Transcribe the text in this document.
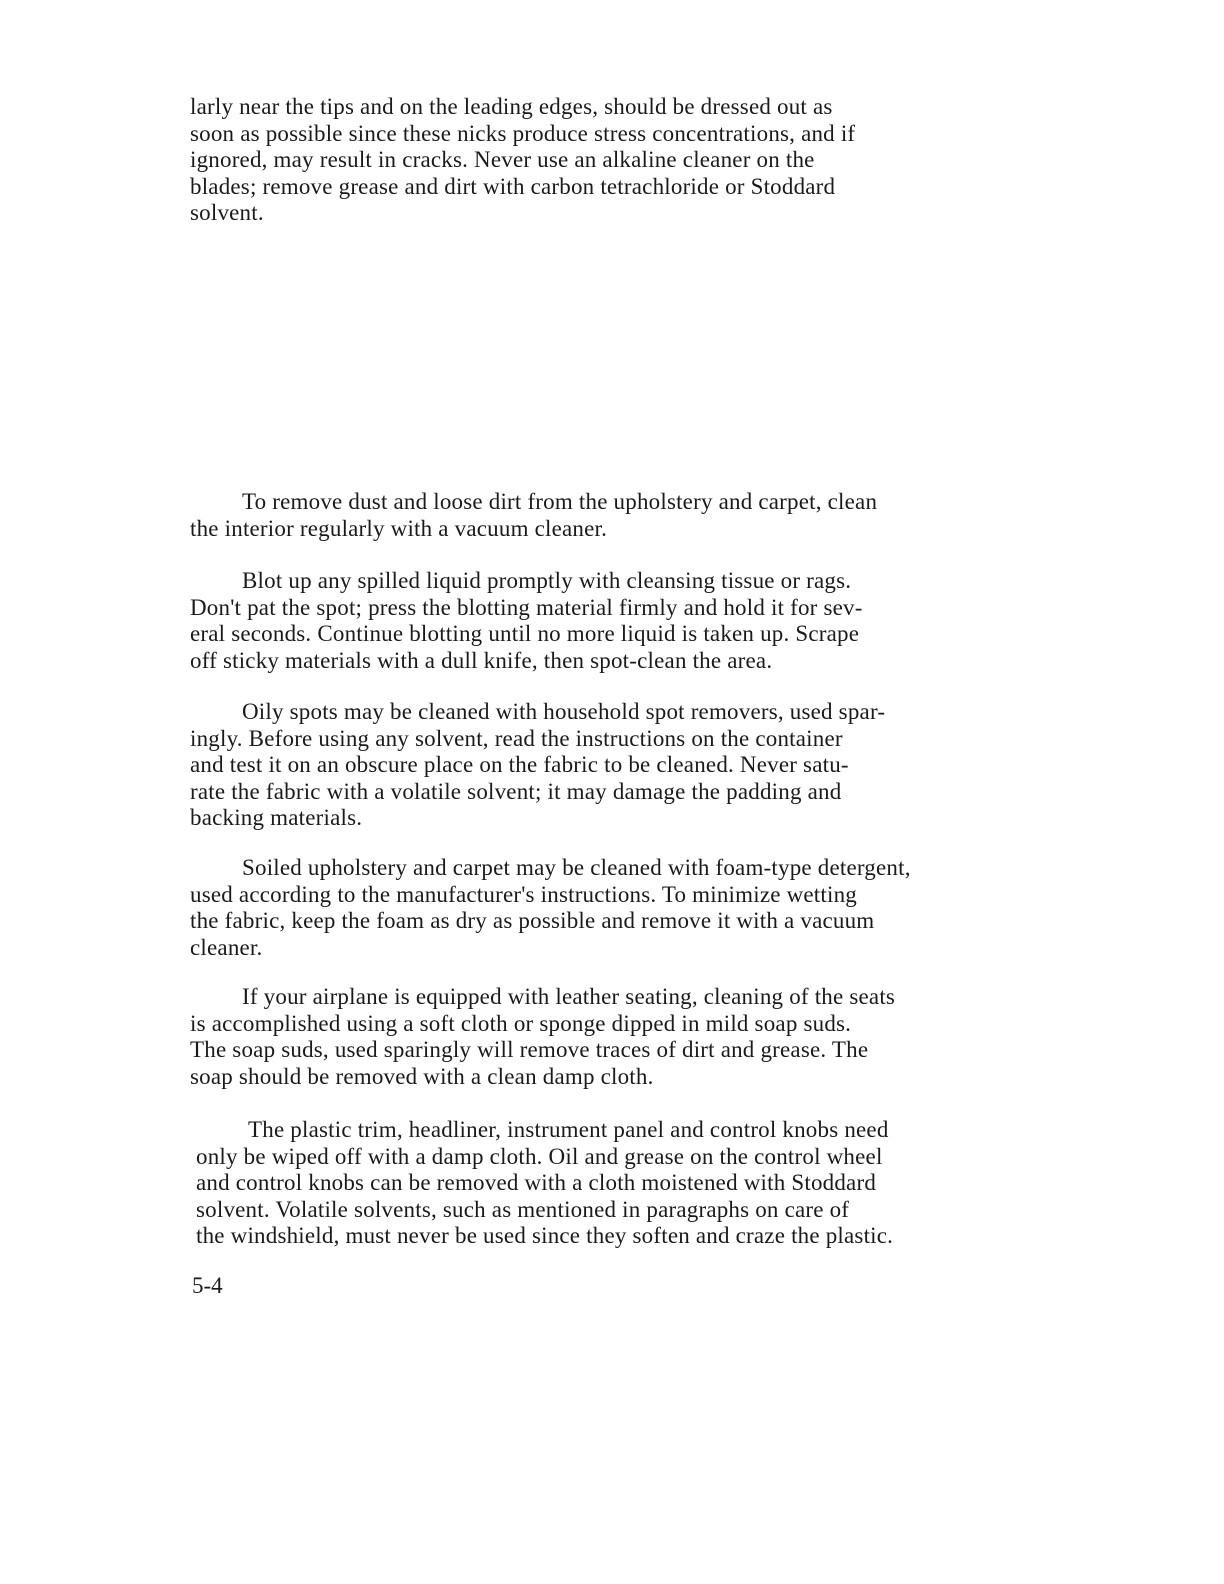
larly near the tips and on the leading edges, should be dressed out as
soon as possible since these nicks produce stress concentrations, and if
ignored, may result in cracks. Never use an alkaline cleaner on the
blades; remove grease and dirt with carbon tetrachloride or Stoddard
solvent.
To remove dust and loose dirt from the upholstery and carpet, clean
the interior regularly with a vacuum cleaner.
Blot up any spilled liquid promptly with cleansing tissue or rags.
Don't pat the spot; press the blotting material firmly and hold it for sev-
eral seconds. Continue blotting until no more liquid is taken up. Scrape
off sticky materials with a dull knife, then spot-clean the area.
Oily spots may be cleaned with household spot removers, used spar-
ingly. Before using any solvent, read the instructions on the container
and test it on an obscure place on the fabric to be cleaned. Never satu-
rate the fabric with a volatile solvent; it may damage the padding and
backing materials.
Soiled upholstery and carpet may be cleaned with foam-type detergent,
used according to the manufacturer's instructions. To minimize wetting
the fabric, keep the foam as dry as possible and remove it with a vacuum
cleaner.
If your airplane is equipped with leather seating, cleaning of the seats
is accomplished using a soft cloth or sponge dipped in mild soap suds.
The soap suds, used sparingly will remove traces of dirt and grease. The
soap should be removed with a clean damp cloth.
The plastic trim, headliner, instrument panel and control knobs need
only be wiped off with a damp cloth. Oil and grease on the control wheel
and control knobs can be removed with a cloth moistened with Stoddard
solvent. Volatile solvents, such as mentioned in paragraphs on care of
the windshield, must never be used since they soften and craze the plastic.
5-4
